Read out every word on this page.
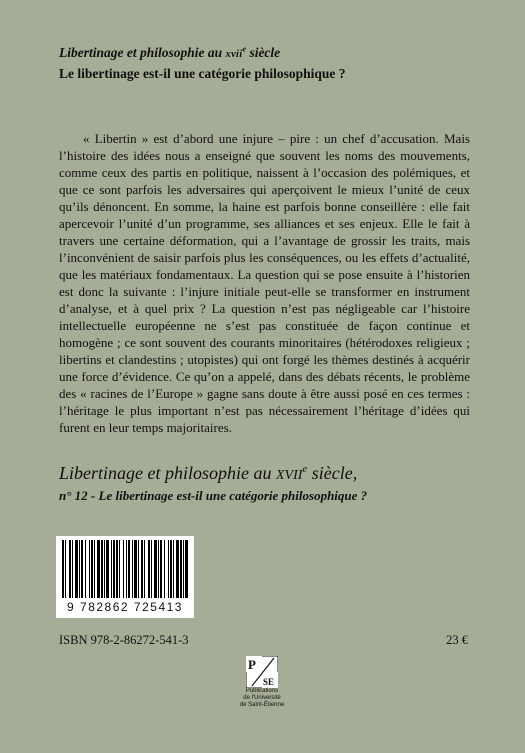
Libertinage et philosophie au xvii$^e$ siècle
Le libertinage est-il une catégorie philosophique ?

« Libertin » est d’abord une injure – pire : un chef d’accusation. Mais l’histoire des idées nous a enseigné que souvent les noms des mouvements, comme ceux des partis en politique, naissent à l’occasion des polémiques, et que ce sont parfois les adversaires qui aperçoivent le mieux l’unité de ceux qu’ils dénoncent. En somme, la haine est parfois bonne conseillère : elle fait apercevoir l’unité d’un programme, ses alliances et ses enjeux. Elle le fait à travers une certaine déformation, qui a l’avantage de grossir les traits, mais l’inconvénient de saisir parfois plus les conséquences, ou les effets d’actualité, que les matériaux fondamentaux. La question qui se pose ensuite à l’historien est donc la suivante : l’injure initiale peut-elle se transformer en instrument d’analyse, et à quel prix ? La question n’est pas négligeable car l’histoire intellectuelle européenne ne s’est pas constituée de façon continue et homogène ; ce sont souvent des courants minoritaires (hétérodoxes religieux ; libertins et clandestins ; utopistes) qui ont forgé les thèmes destinés à acquérir une force d’évidence. Ce qu’on a appelé, dans des débats récents, le problème des « racines de l’Europe » gagne sans doute à être aussi posé en ces termes : l’héritage le plus important n’est pas nécessairement l’héritage d’idées qui furent en leur temps majoritaires.

Libertinage et philosophie au XVIIe siècle,
n° 12 - Le libertinage est-il une catégorie philosophique ?
9 782862 725413
ISBN 978-2-86272-541-3	23 €
P
SE
Publications
de l'Université
de Saint-Étienne
